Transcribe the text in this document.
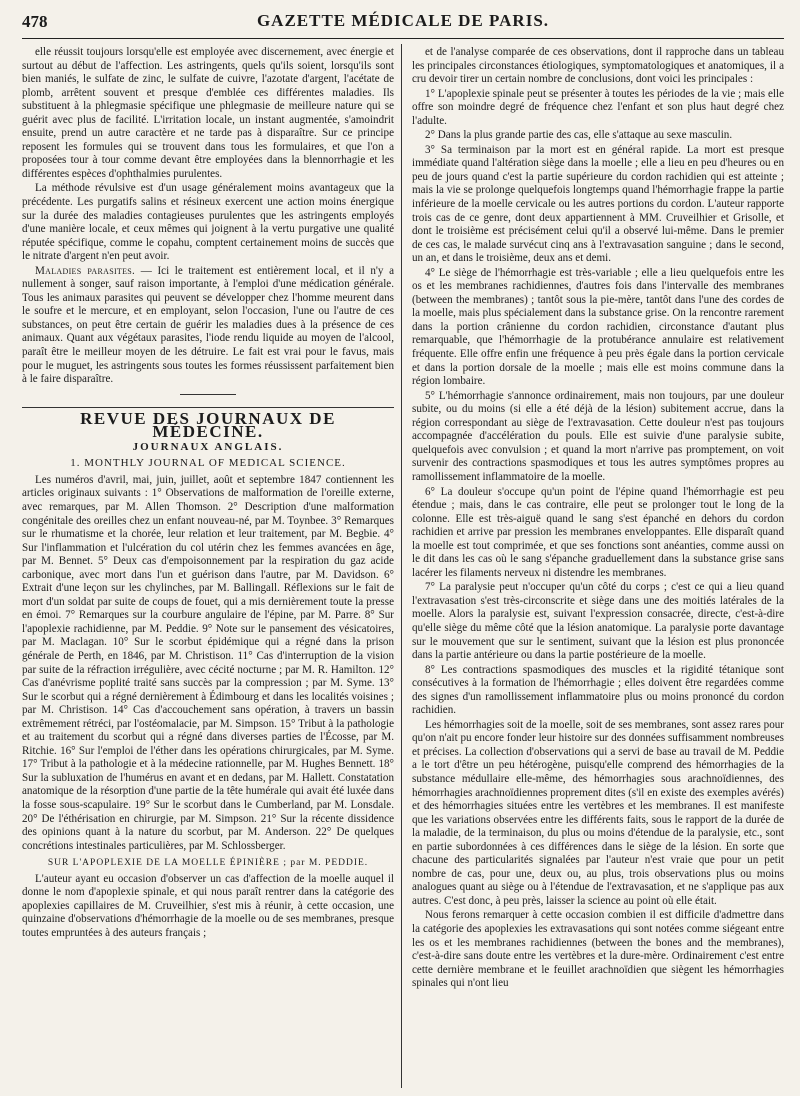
478	GAZETTE MÉDICALE DE PARIS.

elle réussit toujours lorsqu'elle est employée avec discernement, avec énergie et surtout au début de l'affection. Les astringents, quels qu'ils soient, lorsqu'ils sont bien maniés, le sulfate de zinc, le sulfate de cuivre, l'azotate d'argent, l'acétate de plomb, arrêtent souvent et presque d'emblée ces différentes maladies. Ils substituent à la phlegmasie spécifique une phlegmasie de meilleure nature qui se guérit avec plus de facilité. L'irritation locale, un instant augmentée, s'amoindrit ensuite, prend un autre caractère et ne tarde pas à disparaître. Sur ce principe reposent les formules qui se trouvent dans tous les formulaires, et que l'on a proposées tour à tour comme devant être employées dans la blennorrhagie et les différentes espèces d'ophthalmies purulentes.

La méthode révulsive est d'un usage généralement moins avantageux que la précédente. Les purgatifs salins et résineux exercent une action moins énergique sur la durée des maladies contagieuses purulentes que les astringents employés d'une manière locale, et ceux mêmes qui joignent à la vertu purgative une qualité réputée spécifique, comme le copahu, comptent certainement moins de succès que le nitrate d'argent n'en peut avoir.

Maladies parasites. — Ici le traitement est entièrement local, et il n'y a nullement à songer, sauf raison importante, à l'emploi d'une médication générale. Tous les animaux parasites qui peuvent se développer chez l'homme meurent dans le soufre et le mercure, et en employant, selon l'occasion, l'une ou l'autre de ces substances, on peut être certain de guérir les maladies dues à la présence de ces animaux. Quant aux végétaux parasites, l'iode rendu liquide au moyen de l'alcool, paraît être le meilleur moyen de les détruire. Le fait est vrai pour le favus, mais pour le muguet, les astringents sous toutes les formes réussissent parfaitement bien à le faire disparaître.

REVUE DES JOURNAUX DE MÉDECINE.
JOURNAUX ANGLAIS.
1. MONTHLY JOURNAL OF MEDICAL SCIENCE.

Les numéros d'avril, mai, juin, juillet, août et septembre 1847 contiennent les articles originaux suivants : 1° Observations de malformation de l'oreille externe, avec remarques, par M. Allen Thomson. 2° Description d'une malformation congénitale des oreilles chez un enfant nouveau-né, par M. Toynbee. 3° Remarques sur le rhumatisme et la chorée, leur relation et leur traitement, par M. Begbie. 4° Sur l'inflammation et l'ulcération du col utérin chez les femmes avancées en âge, par M. Bennet. 5° Deux cas d'empoisonnement par la respiration du gaz acide carbonique, avec mort dans l'un et guérison dans l'autre, par M. Davidson. 6° Extrait d'une leçon sur les chylinches, par M. Ballingall. Réflexions sur le fait de mort d'un soldat par suite de coups de fouet, qui a mis dernièrement toute la presse en émoi. 7° Remarques sur la courbure angulaire de l'épine, par M. Parre. 8° Sur l'apoplexie rachidienne, par M. Peddie. 9° Note sur le pansement des vésicatoires, par M. Maclagan. 10° Sur le scorbut épidémique qui a régné dans la prison générale de Perth, en 1846, par M. Christison. 11° Cas d'interruption de la vision par suite de la réfraction irrégulière, avec cécité nocturne ; par M. R. Hamilton. 12° Cas d'anévrisme poplité traité sans succès par la compression ; par M. Syme. 13° Sur le scorbut qui a régné dernièrement à Édimbourg et dans les localités voisines ; par M. Christison. 14° Cas d'accouchement sans opération, à travers un bassin extrêmement rétréci, par l'ostéomalacie, par M. Simpson. 15° Tribut à la pathologie et au traitement du scorbut qui a régné dans diverses parties de l'Écosse, par M. Ritchie. 16° Sur l'emploi de l'éther dans les opérations chirurgicales, par M. Syme. 17° Tribut à la pathologie et à la médecine rationnelle, par M. Hughes Bennett. 18° Sur la subluxation de l'humérus en avant et en dedans, par M. Hallett. Constatation anatomique de la résorption d'une partie de la tête humérale qui avait été luxée dans la fosse sous-scapulaire. 19° Sur le scorbut dans le Cumberland, par M. Lonsdale. 20° De l'éthérisation en chirurgie, par M. Simpson. 21° Sur la récente dissidence des opinions quant à la nature du scorbut, par M. Anderson. 22° De quelques concrétions intestinales particulières, par M. Schlossberger.

SUR L'APOPLEXIE DE LA MOELLE ÉPINIÈRE ; par M. PEDDIE.

L'auteur ayant eu occasion d'observer un cas d'affection de la moelle auquel il donne le nom d'apoplexie spinale, et qui nous paraît rentrer dans la catégorie des apoplexies capillaires de M. Cruveilhier, s'est mis à réunir, à cette occasion, une quinzaine d'observations d'hémorrhagie de la moelle ou de ses membranes, presque toutes empruntées à des auteurs français ;

et de l'analyse comparée de ces observations, dont il rapproche dans un tableau les principales circonstances étiologiques, symptomatologiques et anatomiques, il a cru devoir tirer un certain nombre de conclusions, dont voici les principales :

1° L'apoplexie spinale peut se présenter à toutes les périodes de la vie ; mais elle offre son moindre degré de fréquence chez l'enfant et son plus haut degré chez l'adulte.

2° Dans la plus grande partie des cas, elle s'attaque au sexe masculin.

3° Sa terminaison par la mort est en général rapide. La mort est presque immédiate quand l'altération siège dans la moelle ; elle a lieu en peu d'heures ou en peu de jours quand c'est la partie supérieure du cordon rachidien qui est atteinte ; mais la vie se prolonge quelquefois longtemps quand l'hémorrhagie frappe la partie inférieure de la moelle cervicale ou les autres portions du cordon. L'auteur rapporte trois cas de ce genre, dont deux appartiennent à MM. Cruveilhier et Grisolle, et dont le troisième est précisément celui qu'il a observé lui-même. Dans le premier de ces cas, le malade survécut cinq ans à l'extravasation sanguine ; dans le second, un an, et dans le troisième, deux ans et demi.

4° Le siège de l'hémorrhagie est très-variable ; elle a lieu quelquefois entre les os et les membranes rachidiennes, d'autres fois dans l'intervalle des membranes (between the membranes) ; tantôt sous la pie-mère, tantôt dans l'une des cordes de la moelle, mais plus spécialement dans la substance grise. On la rencontre rarement dans la portion crânienne du cordon rachidien, circonstance d'autant plus remarquable, que l'hémorrhagie de la protubérance annulaire est relativement fréquente. Elle offre enfin une fréquence à peu près égale dans la portion cervicale et dans la portion dorsale de la moelle ; mais elle est moins commune dans la région lombaire.

5° L'hémorrhagie s'annonce ordinairement, mais non toujours, par une douleur subite, ou du moins (si elle a été déjà de la lésion) subitement accrue, dans la région correspondant au siège de l'extravasation. Cette douleur n'est pas toujours accompagnée d'accélération du pouls. Elle est suivie d'une paralysie subite, quelquefois avec convulsion ; et quand la mort n'arrive pas promptement, on voit survenir des contractions spasmodiques et tous les autres symptômes propres au ramollissement inflammatoire de la moelle.

6° La douleur s'occupe qu'un point de l'épine quand l'hémorrhagie est peu étendue ; mais, dans le cas contraire, elle peut se prolonger tout le long de la colonne. Elle est très-aiguë quand le sang s'est épanché en dehors du cordon rachidien et arrive par pression les membranes enveloppantes. Elle disparaît quand la moelle est tout comprimée, et que ses fonctions sont anéanties, comme aussi on le dit dans les cas où le sang s'épanche graduellement dans la substance grise sans lacérer les filaments nerveux ni distendre les membranes.

7° La paralysie peut n'occuper qu'un côté du corps ; c'est ce qui a lieu quand l'extravasation s'est très-circonscrite et siège dans une des moitiés latérales de la moelle. Alors la paralysie est, suivant l'expression consacrée, directe, c'est-à-dire qu'elle siège du même côté que la lésion anatomique. La paralysie porte davantage sur le mouvement que sur le sentiment, suivant que la lésion est plus prononcée dans la partie antérieure ou dans la partie postérieure de la moelle.

8° Les contractions spasmodiques des muscles et la rigidité tétanique sont consécutives à la formation de l'hémorrhagie ; elles doivent être regardées comme des signes d'un ramollissement inflammatoire plus ou moins prononcé du cordon rachidien.

Les hémorrhagies soit de la moelle, soit de ses membranes, sont assez rares pour qu'on n'ait pu encore fonder leur histoire sur des données suffisamment nombreuses et précises. La collection d'observations qui a servi de base au travail de M. Peddie a le tort d'être un peu hétérogène, puisqu'elle comprend des hémorrhagies de la substance médullaire elle-même, des hémorrhagies sous arachnoïdiennes, des hémorrhagies arachnoïdiennes proprement dites (s'il en existe des exemples avérés) et des hémorrhagies situées entre les vertèbres et les membranes. Il est manifeste que les variations observées entre les différents faits, sous le rapport de la durée de la maladie, de la terminaison, du plus ou moins d'étendue de la paralysie, etc., sont en partie subordonnées à ces différences dans le siège de la lésion. En sorte que chacune des particularités signalées par l'auteur n'est vraie que pour un petit nombre de cas, pour une, deux ou, au plus, trois observations plus ou moins analogues quant au siège ou à l'étendue de l'extravasation, et ne s'applique pas aux autres. C'est donc, à peu près, laisser la science au point où elle était.

Nous ferons remarquer à cette occasion combien il est difficile d'admettre dans la catégorie des apoplexies les extravasations qui sont notées comme siégeant entre les os et les membranes rachidiennes (between the bones and the membranes), c'est-à-dire sans doute entre les vertèbres et la dure-mère. Ordinairement c'est entre cette dernière membrane et le feuillet arachnoïdien que siègent les hémorrhagies spinales qui n'ont lieu
